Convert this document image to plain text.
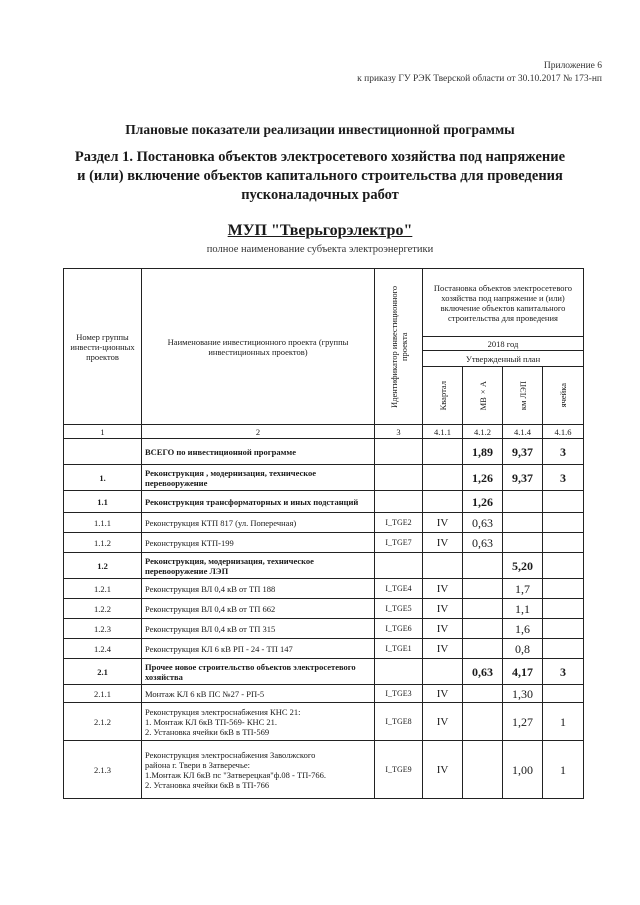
Приложение 6
к приказу ГУ РЭК Тверской области от 30.10.2017 № 173-нп
Плановые показатели реализации инвестиционной программы
Раздел 1. Постановка объектов электросетевого хозяйства под напряжение
и (или) включение объектов капитального строительства для проведения
пусконаладочных работ
МУП "Тверьгорэлектро"
полное наименование субъекта электроэнергетики
Номер группы инвести-ционных проектов	Наименование инвестиционного проекта (группы инвестиционных проектов)	Идентификатор инвестиционного проекта	Постановка объектов электросетевого хозяйства под напряжение и (или) включение объектов капитального строительства для проведения			
			2018 год			
			Утвержденный план			

			Квартал	МВ×А	км ЛЭП	ячейка

1	2	3	4.1.1	4.1.2	4.1.4	4.1.6
	ВСЕГО по инвестиционной программе			1,89	9,37	3
1.	Реконструкция , модернизация, техническое перевооружение			1,26	9,37	3
1.1	Реконструкция трансформаторных и иных подстанций			1,26		
1.1.1	Реконструкция КТП 817 (ул. Поперечная)	I_TGE2	IV	0,63		
1.1.2	Реконструкция КТП-199	I_TGE7	IV	0,63		
1.2	Реконструкция, модернизация, техническое перевооружение ЛЭП				5,20	
1.2.1	Реконструкция ВЛ 0,4 кВ от ТП 188	I_TGE4	IV		1,7	
1.2.2	Реконструкция ВЛ 0,4 кВ от ТП 662	I_TGE5	IV		1,1	
1.2.3	Реконструкция ВЛ 0,4 кВ от ТП 315	I_TGE6	IV		1,6	
1.2.4	Реконструкция КЛ 6 кВ РП - 24 - ТП 147	I_TGE1	IV		0,8	
2.1	Прочее новое строительство объектов электросетевого хозяйства			0,63	4,17	3
2.1.1	Монтаж КЛ 6 кВ ПС №27 - РП-5	I_TGE3	IV		1,30	
2.1.2	Реконструкция электроснабжения КНС 21:
1. Монтаж КЛ 6кВ ТП-569- КНС 21.
2. Установка ячейки 6кВ в ТП-569	I_TGE8	IV		1,27	1
2.1.3	Реконструкция электроснабжения Заволжского
района г. Твери в Затверечье:
1.Монтаж КЛ 6кВ пс "Затверецкая"ф.08 - ТП-766.
2. Установка ячейки 6кВ в ТП-766	I_TGE9	IV		1,00	1
